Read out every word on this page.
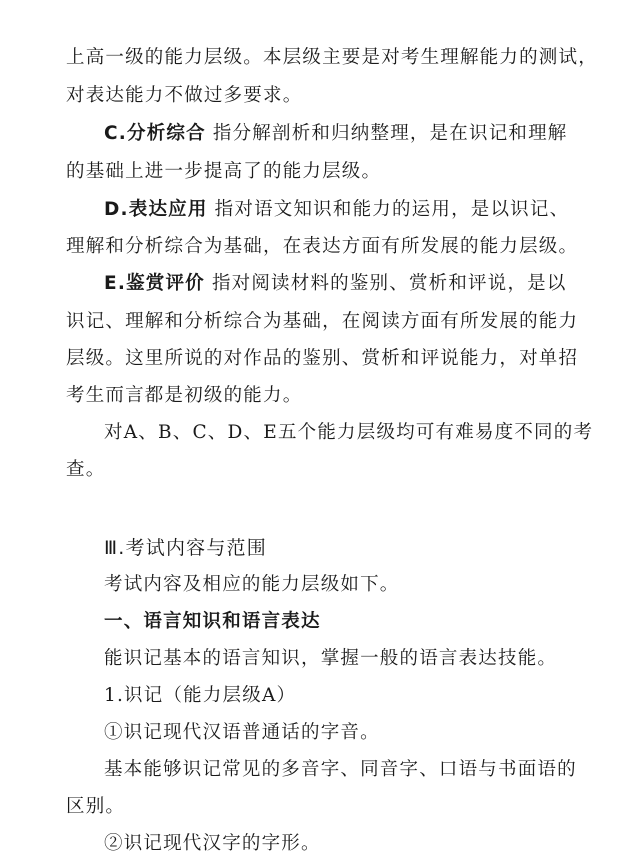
上高一级的能力层级。本层级主要是对考生理解能力的测试，
对表达能力不做过多要求。
C.分析综合 指分解剖析和归纳整理，是在识记和理解
的基础上进一步提高了的能力层级。
D.表达应用 指对语文知识和能力的运用，是以识记、
理解和分析综合为基础，在表达方面有所发展的能力层级。
E.鉴赏评价 指对阅读材料的鉴别、赏析和评说，是以
识记、理解和分析综合为基础，在阅读方面有所发展的能力
层级。这里所说的对作品的鉴别、赏析和评说能力，对单招
考生而言都是初级的能力。
对A、B、C、D、E五个能力层级均可有难易度不同的考
查。
Ⅲ.考试内容与范围
考试内容及相应的能力层级如下。
一、语言知识和语言表达
能识记基本的语言知识，掌握一般的语言表达技能。
1.识记（能力层级A）
①识记现代汉语普通话的字音。
基本能够识记常见的多音字、同音字、口语与书面语的
区别。
②识记现代汉字的字形。
